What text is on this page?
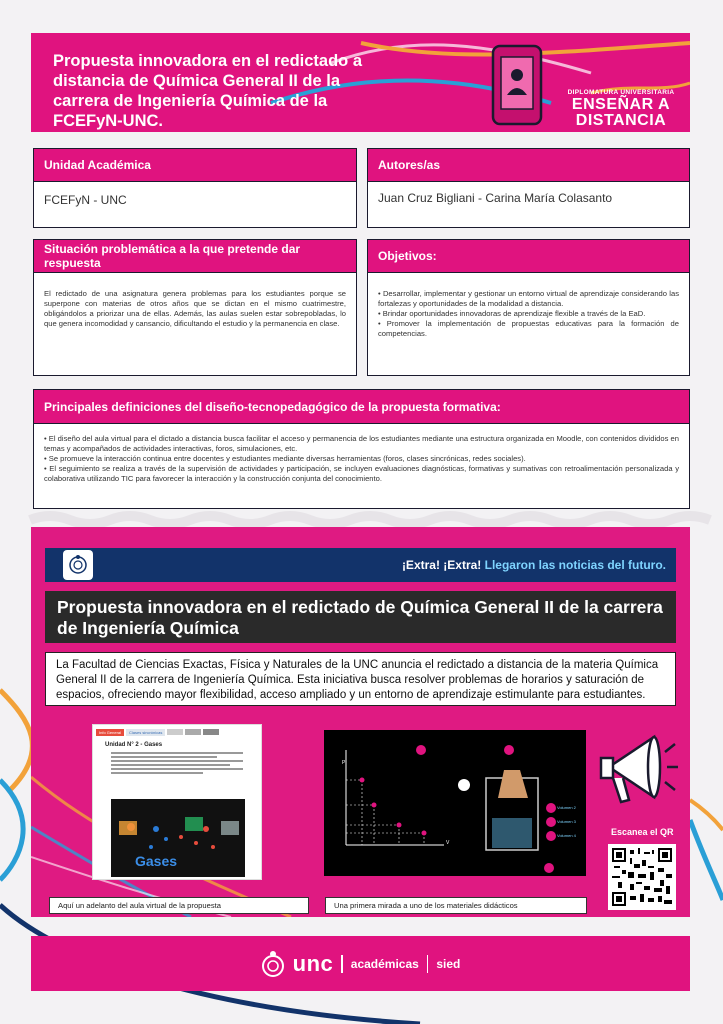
Propuesta innovadora en el redictado a distancia de Química General II de la carrera de Ingeniería Química de la FCEFyN-UNC.
DIPLOMATURA UNIVERSITARIA
ENSEÑAR A
DISTANCIA
Unidad Académica
FCEFyN - UNC
Autores/as
Juan Cruz Bigliani - Carina María Colasanto
Situación problemática a la que pretende dar respuesta
El redictado de una asignatura genera problemas para los estudiantes porque se superpone con materias de otros años que se dictan en el mismo cuatrimestre, obligándolos a priorizar una de ellas. Además, las aulas suelen estar sobrepobladas, lo que genera incomodidad y cansancio, dificultando el estudio y la permanencia en clase.
Objetivos:

• Desarrollar, implementar y gestionar un entorno virtual de aprendizaje considerando las fortalezas y oportunidades de la modalidad a distancia.

• Brindar oportunidades innovadoras de aprendizaje flexible a través de la EaD.

• Promover la implementación de propuestas educativas para la formación de competencias.

Principales definiciones del diseño-tecnopedagógico de la propuesta formativa:

• El diseño del aula virtual para el dictado a distancia busca facilitar el acceso y permanencia de los estudiantes mediante una estructura organizada en Moodle, con contenidos divididos en temas y acompañados de actividades interactivas, foros, simulaciones, etc.

• Se promueve la interacción continua entre docentes y estudiantes mediante diversas herramientas (foros, clases sincrónicas, redes sociales).

• El seguimiento se realiza a través de la supervisión de actividades y participación, se incluyen evaluaciones diagnósticas, formativas y sumativas con retroalimentación personalizada y colaborativa utilizando TIC para favorecer la interacción y la construcción conjunta del conocimiento.

¡Extra! ¡Extra! Llegaron las noticias del futuro.
Propuesta innovadora en el redictado de Química General II de la carrera de Ingeniería Química
La Facultad de Ciencias Exactas, Física y Naturales de la UNC anuncia el redictado a distancia de la materia Química General II de la carrera de Ingeniería Química. Esta iniciativa busca resolver problemas de horarios y saturación de espacios, ofreciendo mayor flexibilidad, acceso ampliado y un entorno de aprendizaje estimulante para estudiantes.
Info General	Clases sincrónicas
Unidad N° 2 - Gases
Gases
P
V
Volumen 2
Volumen 3
Volumen 4	Escanea el QR
Aquí un adelanto del aula virtual de la propuesta	Una primera mirada a uno de los materiales didácticos
unc académicas sied
